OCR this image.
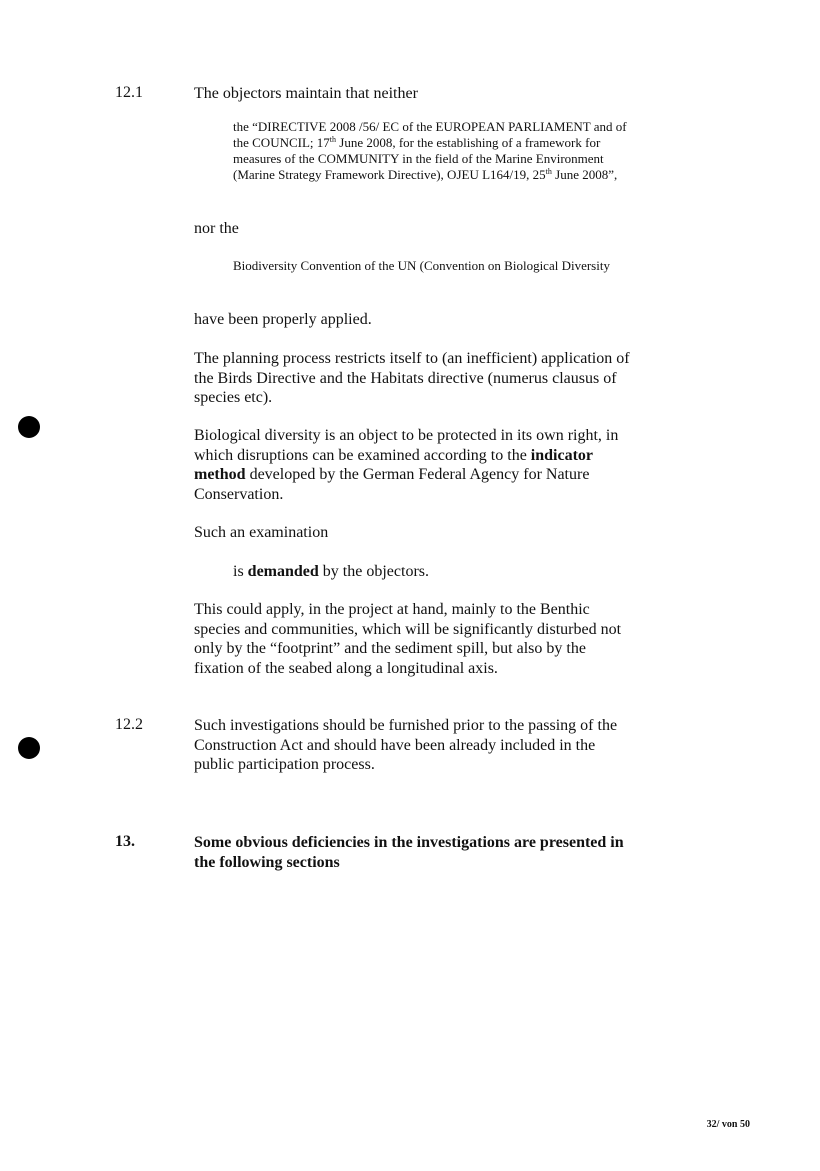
12.1	The objectors maintain that neither
the “DIRECTIVE 2008 /56/ EC of the EUROPEAN PARLIAMENT and of the COUNCIL; 17th June 2008, for the establishing of a framework for measures of the COMMUNITY in the field of the Marine Environment (Marine Strategy Framework Directive), OJEU L164/19, 25th June 2008”,
nor the
Biodiversity Convention of the UN (Convention on Biological Diversity
have been properly applied.
The planning process restricts itself to (an inefficient) application of the Birds Directive and the Habitats directive (numerus clausus of species etc).
Biological diversity is an object to be protected in its own right, in which disruptions can be examined according to the indicator method developed by the German Federal Agency for Nature Conservation.
Such an examination
is demanded by the objectors.
This could apply, in the project at hand, mainly to the Benthic species and communities, which will be significantly disturbed not only by the “footprint” and the sediment spill, but also by the fixation of the seabed along a longitudinal axis.
12.2	Such investigations should be furnished prior to the passing of the Construction Act and should have been already included in the public participation process.
13.	Some obvious deficiencies in the investigations are presented in the following sections
32/ von 50
